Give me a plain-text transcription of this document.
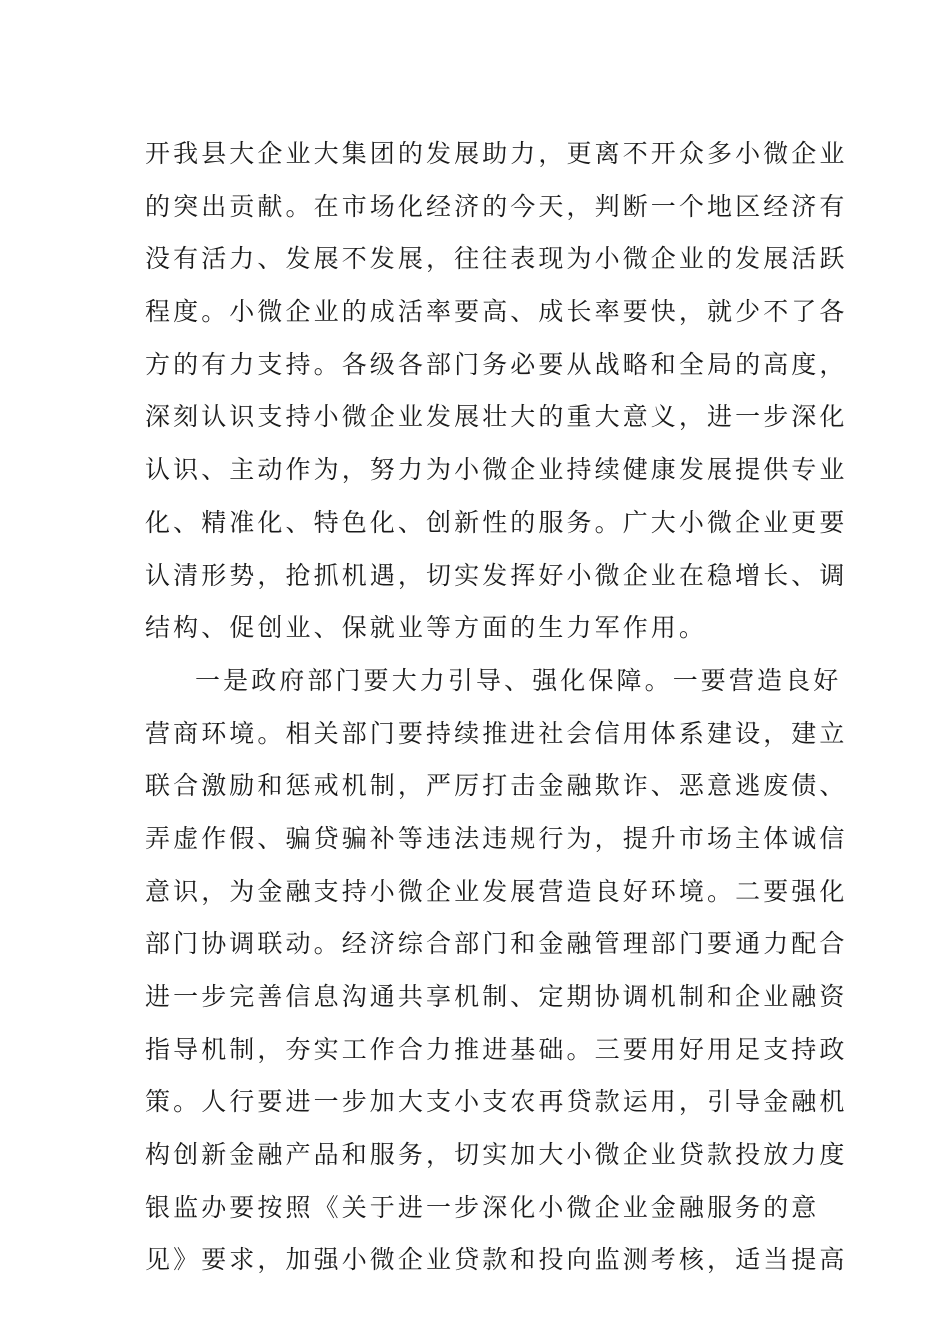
开我县大企业大集团的发展助力，更离不开众多小微企业
的突出贡献。在市场化经济的今天，判断一个地区经济有
没有活力、发展不发展，往往表现为小微企业的发展活跃
程度。小微企业的成活率要高、成长率要快，就少不了各
方的有力支持。各级各部门务必要从战略和全局的高度，
深刻认识支持小微企业发展壮大的重大意义，进一步深化
认识、主动作为，努力为小微企业持续健康发展提供专业
化、精准化、特色化、创新性的服务。广大小微企业更要
认清形势，抢抓机遇，切实发挥好小微企业在稳增长、调
结构、促创业、保就业等方面的生力军作用。
一是政府部门要大力引导、强化保障。一要营造良好
营商环境。相关部门要持续推进社会信用体系建设，建立
联合激励和惩戒机制，严厉打击金融欺诈、恶意逃废债、
弄虚作假、骗贷骗补等违法违规行为，提升市场主体诚信
意识，为金融支持小微企业发展营造良好环境。二要强化
部门协调联动。经济综合部门和金融管理部门要通力配合
进一步完善信息沟通共享机制、定期协调机制和企业融资
指导机制，夯实工作合力推进基础。三要用好用足支持政
策。人行要进一步加大支小支农再贷款运用，引导金融机
构创新金融产品和服务，切实加大小微企业贷款投放力度
银监办要按照《关于进一步深化小微企业金融服务的意
见》要求，加强小微企业贷款和投向监测考核，适当提高
